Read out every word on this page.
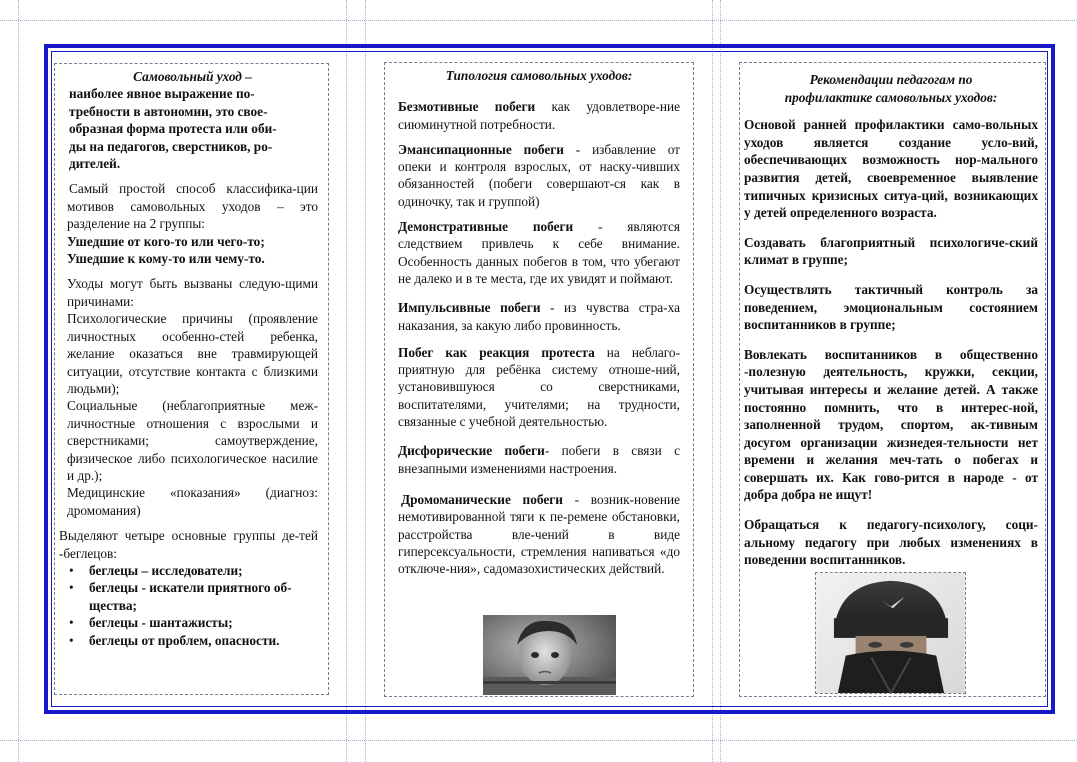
Самовольный уход –

наиболее явное выражение по-

требности в автономии, это свое-

образная форма протеста или оби-

ды на педагогов, сверстников, ро-

дителей.

Самый простой способ классифика-ции мотивов самовольных уходов – это разделение на 2 группы:

Ушедшие от кого-то или чего-то;

Ушедшие к кому-то или чему-то.

Уходы могут быть вызваны следую-щими причинами:

Психологические причины (проявление личностных особенно-стей ребенка, желание оказаться вне травмирующей ситуации, отсутствие контакта с близкими людьми);

Социальные (неблагоприятные меж-личностные отношения с взрослыми и сверстниками; самоутверждение, физическое либо психологическое насилие и др.);

Медицинские «показания» (диагноз: дромомания)

Выделяют четыре основные группы де-тей -беглецов:

• беглецы – исследователи;
• беглецы - искатели приятного об-щества;
• беглецы - шантажисты;
• беглецы от проблем, опасности.

Типология самовольных уходов:

Безмотивные побеги как удовлетворе-ние сиюминутной потребности.

Эмансипационные побеги - избавление от опеки и контроля взрослых, от наску-чивших обязанностей (побеги совершают-ся как в одиночку, так и группой)

Демонстративные побеги - являются следствием привлечь к себе внимание. Особенность данных побегов в том, что убегают не далеко и в те места, где их увидят и поймают.

Импульсивные побеги - из чувства стра-ха наказания, за какую либо провинность.

Побег как реакция протеста на неблаго-приятную для ребёнка систему отноше-ний, установившуюся со сверстниками, воспитателями, учителями; на трудности, связанные с учебной деятельностью.

Дисфорические побеги- побеги в связи с внезапными изменениями настроения.

Дромоманические побеги - возник-новение немотивированной тяги к пе-ремене обстановки, расстройства вле-чений в виде гиперсексуальности, стремления напиваться «до отключе-ния», садомазохистических действий.

Рекомендации педагогам по

профилактике самовольных уходов:

Основой ранней профилактики само-вольных уходов является создание усло-вий, обеспечивающих возможность нор-мального развития детей, своевременное выявление типичных кризисных ситуа-ций, возникающих у детей определенного возраста.

Создавать благоприятный психологиче-ский климат в группе;

Осуществлять тактичный контроль за поведением, эмоциональным состоянием воспитанников в группе;

Вовлекать воспитанников в общественно -полезную деятельность, кружки, секции, учитывая интересы и желание детей. А также постоянно помнить, что в интерес-ной, заполненной трудом, спортом, ак-тивным досугом организации жизнедея-тельности нет времени и желания меч-тать о побегах и совершать их. Как гово-рится в народе - от добра добра не ищут!

Обращаться к педагогу-психологу, соци-альному педагогу при любых изменениях в поведении воспитанников.
